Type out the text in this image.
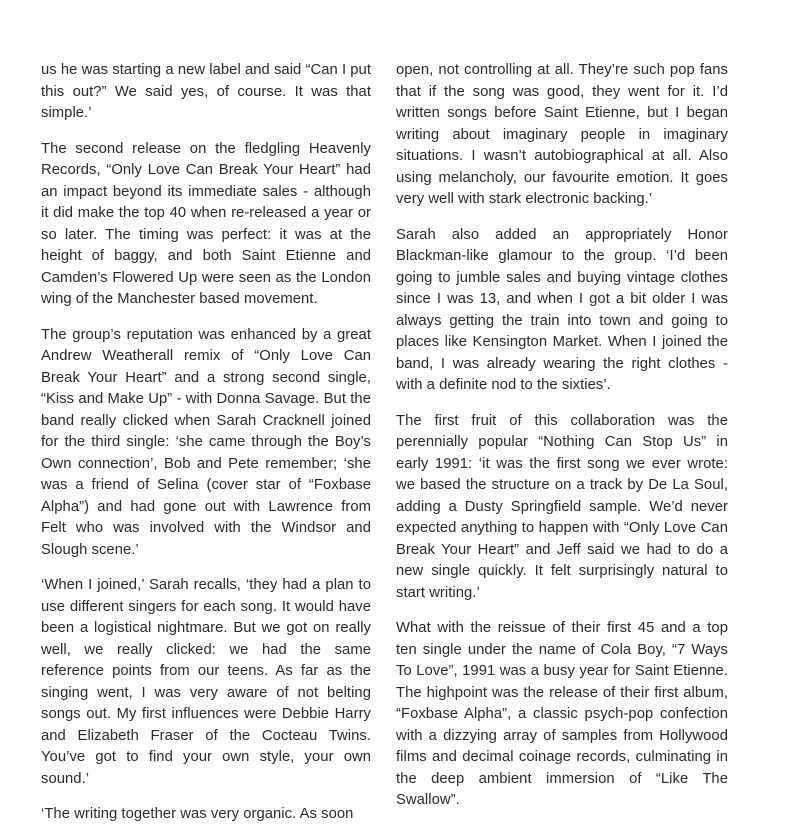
us he was starting a new label and said “Can I put this out?” We said yes, of course. It was that simple.’

The second release on the fledgling Heavenly Records, “Only Love Can Break Your Heart” had an impact beyond its immediate sales - although it did make the top 40 when re-released a year or so later. The timing was perfect: it was at the height of baggy, and both Saint Etienne and Camden’s Flowered Up were seen as the London wing of the Manchester based movement.

The group’s reputation was enhanced by a great Andrew Weatherall remix of “Only Love Can Break Your Heart” and a strong second single, “Kiss and Make Up” - with Donna Savage. But the band really clicked when Sarah Cracknell joined for the third single: ‘she came through the Boy’s Own connection’, Bob and Pete remember; ‘she was a friend of Selina (cover star of “Foxbase Alpha”) and had gone out with Lawrence from Felt who was involved with the Windsor and Slough scene.’

‘When I joined,’ Sarah recalls, ‘they had a plan to use different singers for each song. It would have been a logistical nightmare. But we got on really well, we really clicked: we had the same reference points from our teens. As far as the singing went, I was very aware of not belting songs out. My first influences were Debbie Harry and Elizabeth Fraser of the Cocteau Twins. You’ve got to find your own style, your own sound.’

‘The writing together was very organic. As soon

open, not controlling at all. They’re such pop fans that if the song was good, they went for it. I’d written songs before Saint Etienne, but I began writing about imaginary people in imaginary situations. I wasn’t autobiographical at all. Also using melancholy, our favourite emotion. It goes very well with stark electronic backing.’

Sarah also added an appropriately Honor Blackman-like glamour to the group. ‘I’d been going to jumble sales and buying vintage clothes since I was 13, and when I got a bit older I was always getting the train into town and going to places like Kensington Market. When I joined the band, I was already wearing the right clothes - with a definite nod to the sixties’.

The first fruit of this collaboration was the perennially popular “Nothing Can Stop Us” in early 1991: ‘it was the first song we ever wrote: we based the structure on a track by De La Soul, adding a Dusty Springfield sample. We’d never expected anything to happen with “Only Love Can Break Your Heart” and Jeff said we had to do a new single quickly. It felt surprisingly natural to start writing.’

What with the reissue of their first 45 and a top ten single under the name of Cola Boy, “7 Ways To Love”, 1991 was a busy year for Saint Etienne. The highpoint was the release of their first album, “Foxbase Alpha”, a classic psych-pop confection with a dizzying array of samples from Hollywood films and decimal coinage records, culminating in the deep ambient immersion of “Like The Swallow”.
